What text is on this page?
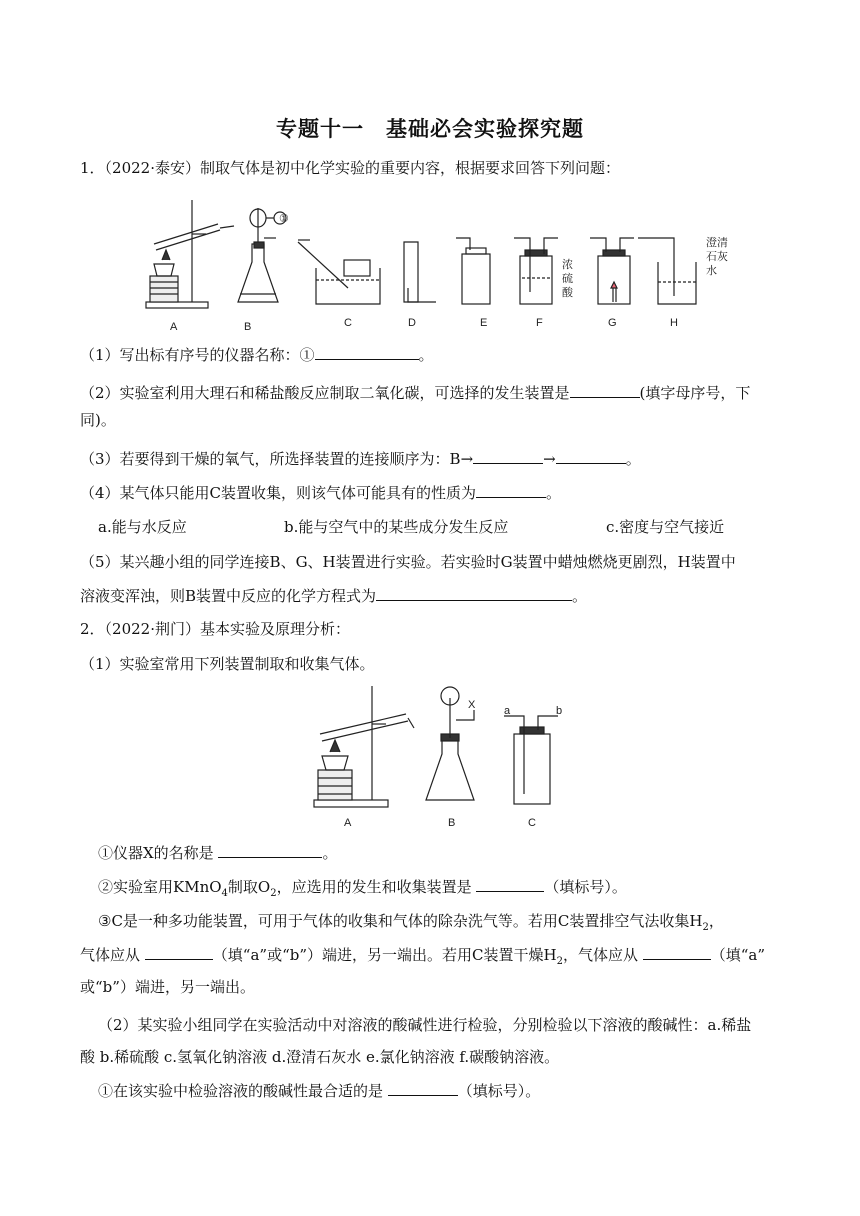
专题十一　基础必会实验探究题
1．（2022·泰安）制取气体是初中化学实验的重要内容，根据要求回答下列问题：
①
浓
硫
酸
澄清
石灰
水
A	B	C	D	E	F	G	H
（1）写出标有序号的仪器名称：①	。
（2）实验室利用大理石和稀盐酸反应制取二氧化碳，可选择的发生装置是	(填字母序号，下
同)。
（3）若要得到干燥的氧气，所选择装置的连接顺序为：B→	→	。
（4）某气体只能用C装置收集，则该气体可能具有的性质为	。
a.能与水反应	b.能与空气中的某些成分发生反应	c.密度与空气接近
（5）某兴趣小组的同学连接B、G、H装置进行实验。若实验时G装置中蜡烛燃烧更剧烈，H装置中
溶液变浑浊，则B装置中反应的化学方程式为	。
2．（2022·荆门）基本实验及原理分析：
（1）实验室常用下列装置制取和收集气体。
X	a	b
A	B	C
①仪器X的名称是	。
②实验室用KMnO$_4$制取$O_2$，应选用的发生和收集装置是	（填标号）。
③C是一种多功能装置，可用于气体的收集和气体的除杂洗气等。若用C装置排空气法收集$H_2$，
气体应从	（填“a”或“b”）端进，另一端出。若用C装置干燥$H_2$，气体应从	（填“a”
或“b”）端进，另一端出。
（2）某实验小组同学在实验活动中对溶液的酸碱性进行检验，分别检验以下溶液的酸碱性：a.稀盐
酸 b.稀硫酸 c.氢氧化钠溶液 d.澄清石灰水 e.氯化钠溶液 f.碳酸钠溶液。
①在该实验中检验溶液的酸碱性最合适的是	（填标号）。
